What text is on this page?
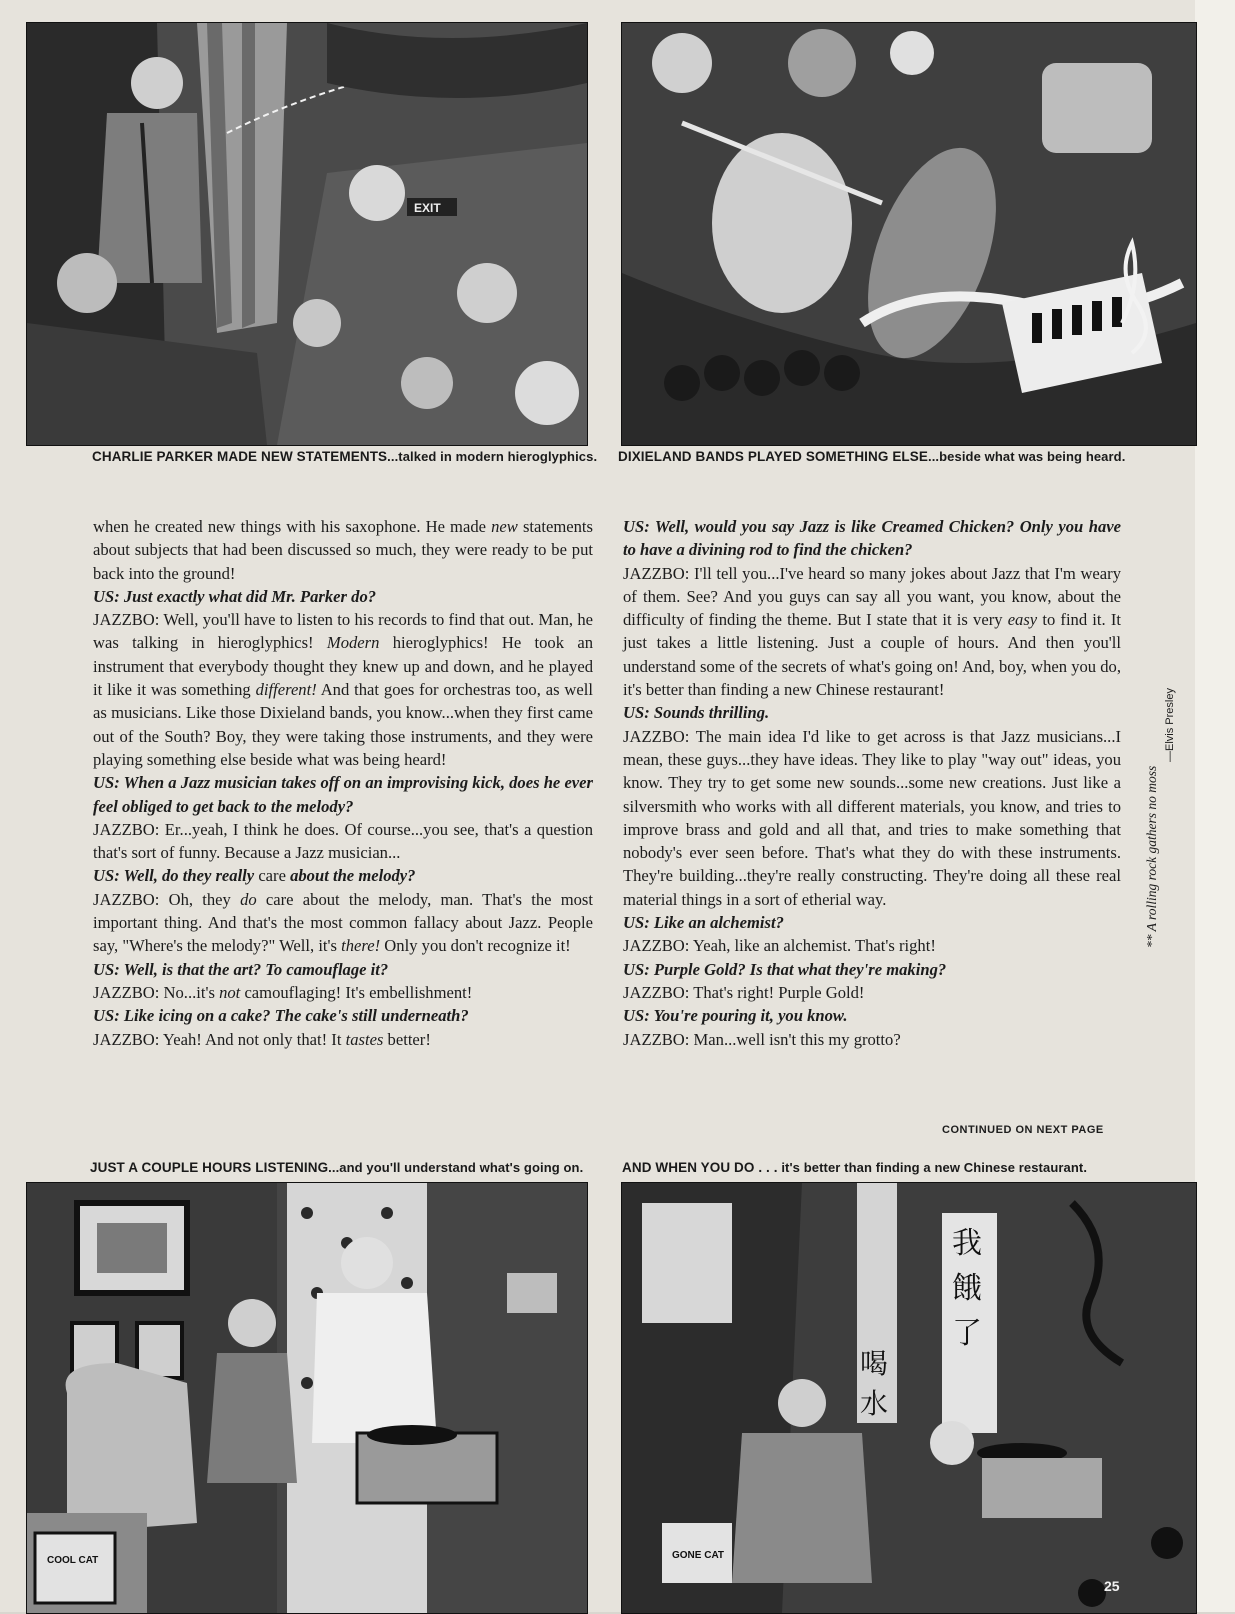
EXIT
CHARLIE PARKER MADE NEW STATEMENTS...talked in modern hieroglyphics. DIXIELAND BANDS PLAYED SOMETHING ELSE...beside what was being heard.

when he created new things with his saxophone. He made new statements about subjects that had been discussed so much, they were ready to be put back into the ground!

US: Just exactly what did Mr. Parker do?

JAZZBO: Well, you'll have to listen to his records to find that out. Man, he was talking in hieroglyphics! Modern hieroglyphics! He took an instrument that everybody thought they knew up and down, and he played it like it was something different! And that goes for orchestras too, as well as musicians. Like those Dixieland bands, you know...when they first came out of the South? Boy, they were taking those instruments, and they were playing something else beside what was being heard!

US: When a Jazz musician takes off on an improvising kick, does he ever feel obliged to get back to the melody?

JAZZBO: Er...yeah, I think he does. Of course...you see, that's a question that's sort of funny. Because a Jazz musician...

US: Well, do they really care about the melody?

JAZZBO: Oh, they do care about the melody, man. That's the most important thing. And that's the most common fallacy about Jazz. People say, "Where's the melody?" Well, it's there! Only you don't recognize it!

US: Well, is that the art? To camouflage it?

JAZZBO: No...it's not camouflaging! It's embellishment!

US: Like icing on a cake? The cake's still underneath?

JAZZBO: Yeah! And not only that! It tastes better!

US: Well, would you say Jazz is like Creamed Chicken? Only you have to have a divining rod to find the chicken?

JAZZBO: I'll tell you...I've heard so many jokes about Jazz that I'm weary of them. See? And you guys can say all you want, you know, about the difficulty of finding the theme. But I state that it is very easy to find it. It just takes a little listening. Just a couple of hours. And then you'll understand some of the secrets of what's going on! And, boy, when you do, it's better than finding a new Chinese restaurant!

US: Sounds thrilling.

JAZZBO: The main idea I'd like to get across is that Jazz musicians...I mean, these guys...they have ideas. They like to play "way out" ideas, you know. They try to get some new sounds...some new creations. Just like a silversmith who works with all different materials, you know, and tries to improve brass and gold and all that, and tries to make something that nobody's ever seen before. That's what they do with these instruments. They're building...they're really constructing. They're doing all these real material things in a sort of etherial way.

US: Like an alchemist?

JAZZBO: Yeah, like an alchemist. That's right!

US: Purple Gold? Is that what they're making?

JAZZBO: That's right! Purple Gold!

US: You're pouring it, you know.

JAZZBO: Man...well isn't this my grotto?

CONTINUED ON NEXT PAGE
** A rolling rock gathers no moss
—Elvis Presley
JUST A COUPLE HOURS LISTENING...and you'll understand what's going on.	AND WHEN YOU DO . . . it's better than finding a new Chinese restaurant.
COOL CAT
我
餓
了
喝
水
GONE CAT
25
